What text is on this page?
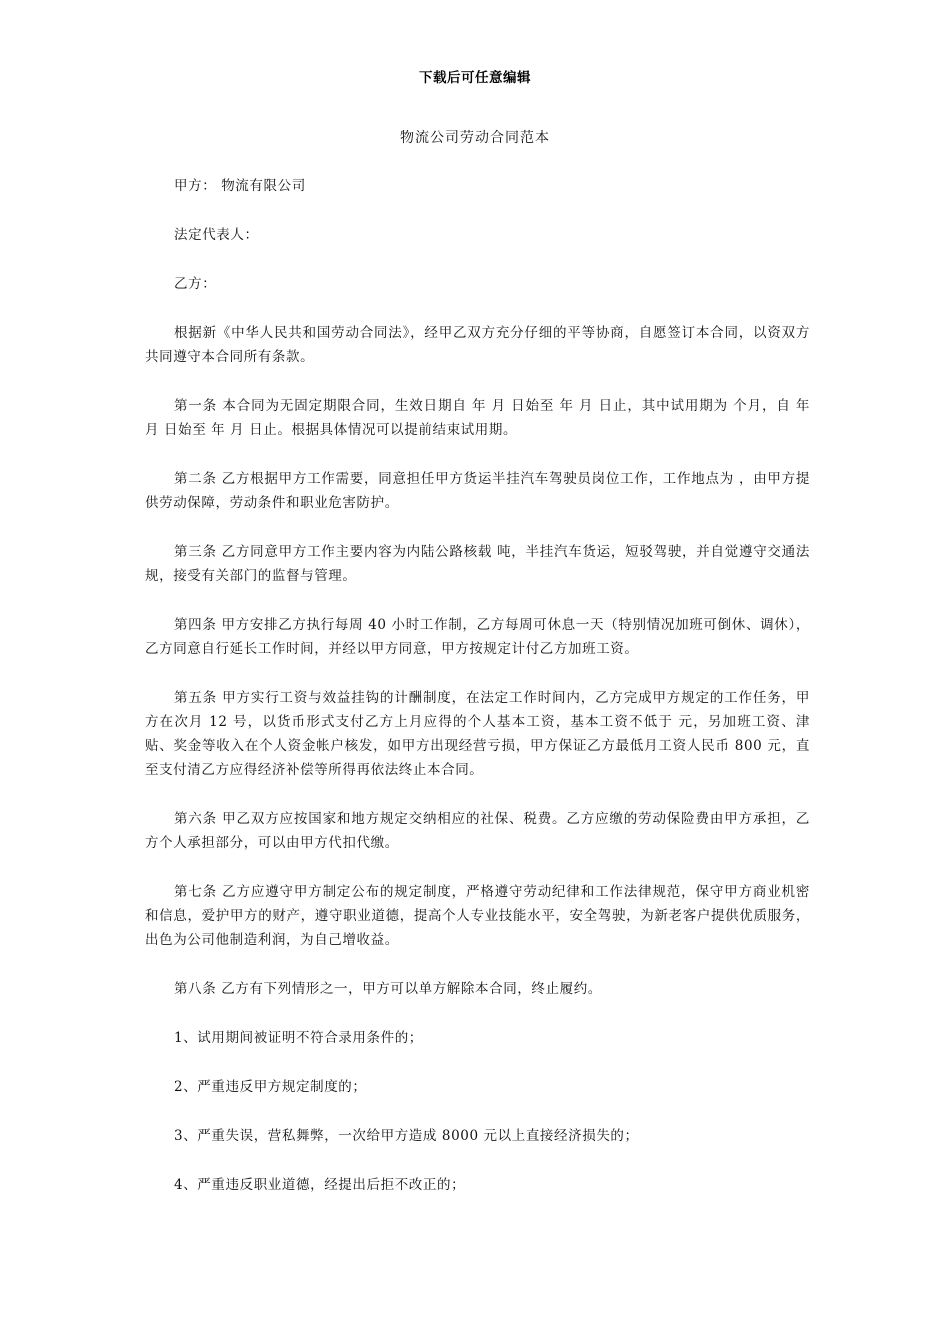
下载后可任意编辑
物流公司劳动合同范本

甲方： 物流有限公司

法定代表人：

乙方：

根据新《中华人民共和国劳动合同法》，经甲乙双方充分仔细的平等协商，自愿签订本合同，以资双方共同遵守本合同所有条款。

第一条 本合同为无固定期限合同，生效日期自 年 月 日始至 年 月 日止，其中试用期为 个月，自 年 月 日始至 年 月 日止。根据具体情况可以提前结束试用期。

第二条 乙方根据甲方工作需要，同意担任甲方货运半挂汽车驾驶员岗位工作，工作地点为 ，由甲方提供劳动保障，劳动条件和职业危害防护。

第三条 乙方同意甲方工作主要内容为内陆公路核载 吨，半挂汽车货运，短驳驾驶，并自觉遵守交通法规，接受有关部门的监督与管理。

第四条 甲方安排乙方执行每周 40 小时工作制，乙方每周可休息一天（特别情况加班可倒休、调休），乙方同意自行延长工作时间，并经以甲方同意，甲方按规定计付乙方加班工资。

第五条 甲方实行工资与效益挂钩的计酬制度，在法定工作时间内，乙方完成甲方规定的工作任务，甲方在次月 12 号，以货币形式支付乙方上月应得的个人基本工资，基本工资不低于 元，另加班工资、津贴、奖金等收入在个人资金帐户核发，如甲方出现经营亏损，甲方保证乙方最低月工资人民币 800 元，直至支付清乙方应得经济补偿等所得再依法终止本合同。

第六条 甲乙双方应按国家和地方规定交纳相应的社保、税费。乙方应缴的劳动保险费由甲方承担，乙方个人承担部分，可以由甲方代扣代缴。

第七条 乙方应遵守甲方制定公布的规定制度，严格遵守劳动纪律和工作法律规范，保守甲方商业机密和信息，爱护甲方的财产，遵守职业道德，提高个人专业技能水平，安全驾驶，为新老客户提供优质服务，出色为公司他制造利润，为自己增收益。

第八条 乙方有下列情形之一，甲方可以单方解除本合同，终止履约。

1、试用期间被证明不符合录用条件的；

2、严重违反甲方规定制度的；

3、严重失误，营私舞弊，一次给甲方造成 8000 元以上直接经济损失的；

4、严重违反职业道德，经提出后拒不改正的；
